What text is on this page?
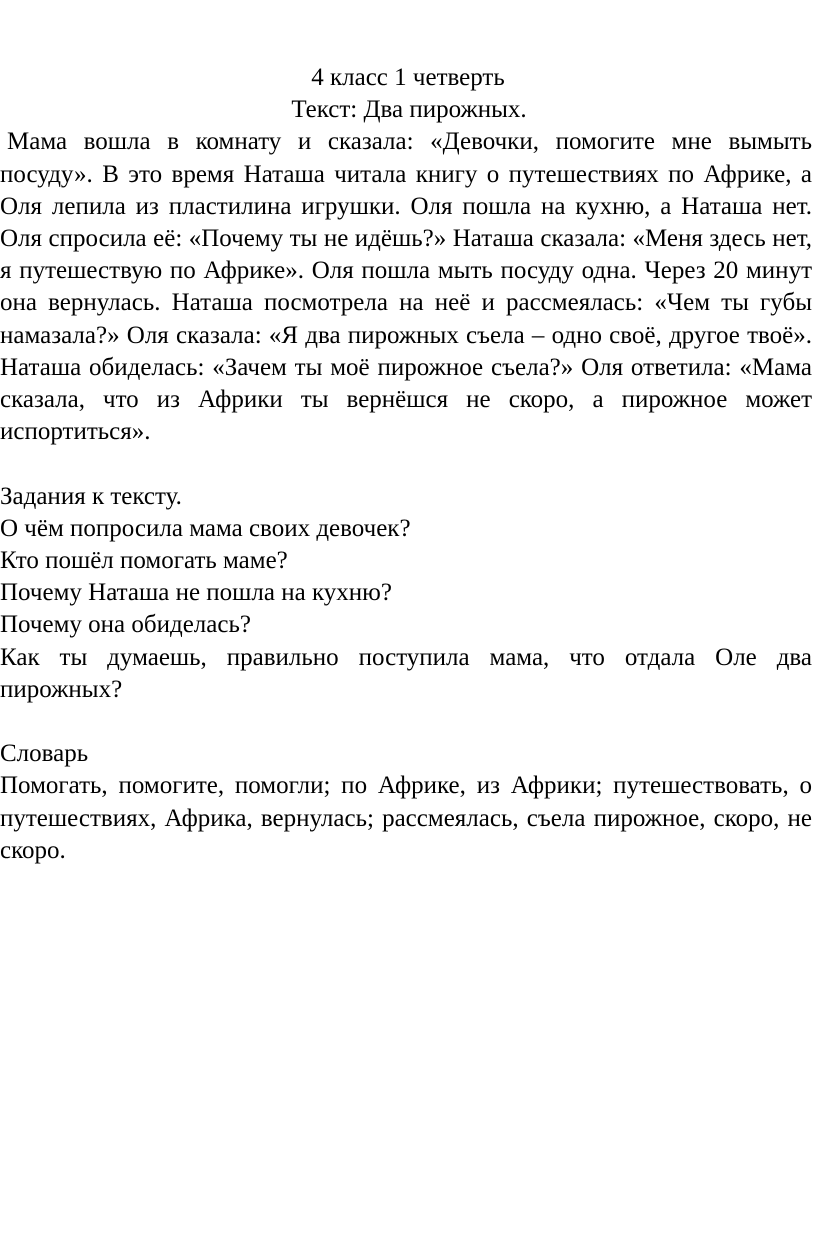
4 класс 1 четверть
Текст: Два пирожных.

Мама вошла в комнату и сказала: «Девочки, помогите мне вымыть посуду». В это время Наташа читала книгу о путешествиях по Африке, а Оля лепила из пластилина игрушки. Оля пошла на кухню, а Наташа нет. Оля спросила её: «Почему ты не идёшь?» Наташа сказала: «Меня здесь нет, я путешествую по Африке». Оля пошла мыть посуду одна. Через 20 минут она вернулась. Наташа посмотрела на неё и рассмеялась: «Чем ты губы намазала?» Оля сказала: «Я два пирожных съела – одно своё, другое твоё». Наташа обиделась: «Зачем ты моё пирожное съела?» Оля ответила: «Мама сказала, что из Африки ты вернёшся не скоро, а пирожное может испортиться».

Задания к тексту.

О чём попросила мама своих девочек?

Кто пошёл помогать маме?

Почему Наташа не пошла на кухню?

Почему она обиделась?

Как ты думаешь, правильно поступила мама, что отдала Оле два пирожных?

Словарь

Помогать, помогите, помогли; по Африке, из Африки; путешествовать, о путешествиях, Африка, вернулась; рассмеялась, съела пирожное, скоро, не скоро.
